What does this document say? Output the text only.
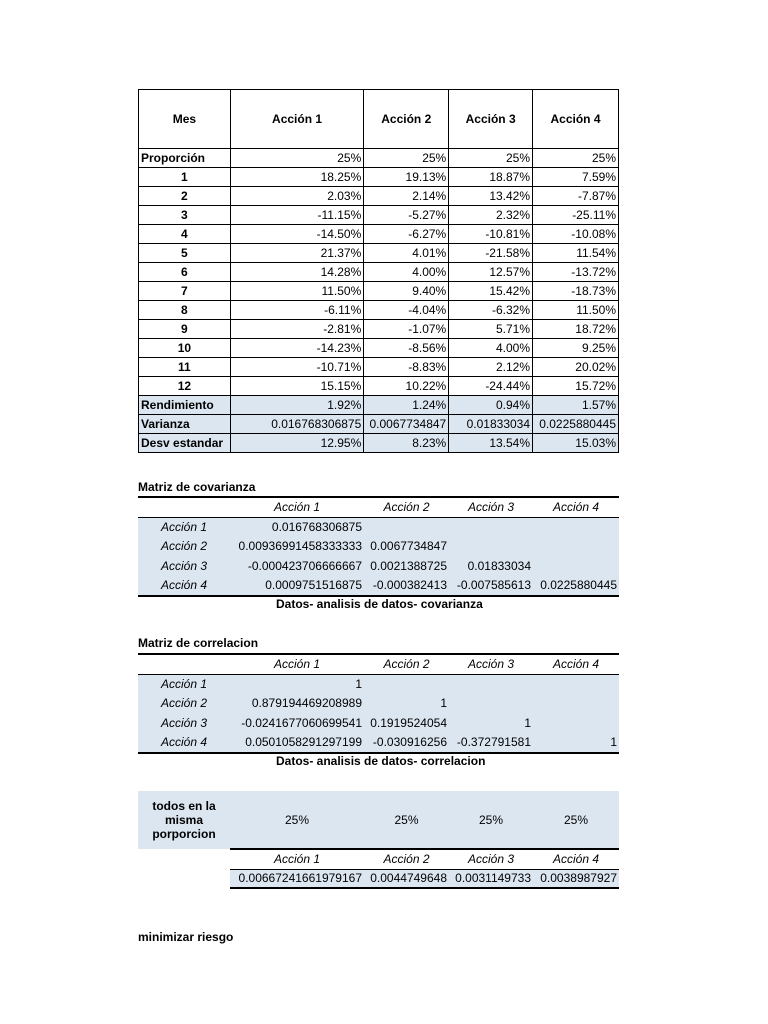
Mes	Acción 1	Acción 2	Acción 3	Acción 4
Proporción	25%	25%	25%	25%
1	18.25%	19.13%	18.87%	7.59%
2	2.03%	2.14%	13.42%	-7.87%
3	-11.15%	-5.27%	2.32%	-25.11%
4	-14.50%	-6.27%	-10.81%	-10.08%
5	21.37%	4.01%	-21.58%	11.54%
6	14.28%	4.00%	12.57%	-13.72%
7	11.50%	9.40%	15.42%	-18.73%
8	-6.11%	-4.04%	-6.32%	11.50%
9	-2.81%	-1.07%	5.71%	18.72%
10	-14.23%	-8.56%	4.00%	9.25%
11	-10.71%	-8.83%	2.12%	20.02%
12	15.15%	10.22%	-24.44%	15.72%
Rendimiento	1.92%	1.24%	0.94%	1.57%
Varianza	0.016768306875	0.0067734847	0.01833034	0.0225880445
Desv estandar	12.95%	8.23%	13.54%	15.03%
Matriz de covarianza
	Acción 1	Acción 2	Acción 3	Acción 4
Acción 1	0.016768306875			
Acción 2	0.00936991458333333	0.0067734847		
Acción 3	-0.000423706666667	0.0021388725	0.01833034	
Acción 4	0.0009751516875	-0.000382413	-0.007585613	0.0225880445
Datos- analisis de datos- covarianza
Matriz de correlacion
	Acción 1	Acción 2	Acción 3	Acción 4
Acción 1	1			
Acción 2	0.879194469208989	1		
Acción 3	-0.0241677060699541	0.1919524054	1	
Acción 4	0.0501058291297199	-0.030916256	-0.372791581	1
Datos- analisis de datos- correlacion
todos en la misma porporcion	25%	25%	25%	25%
	Acción 1	Acción 2	Acción 3	Acción 4
	0.00667241661979167	0.0044749648	0.0031149733	0.0038987927
minimizar riesgo
